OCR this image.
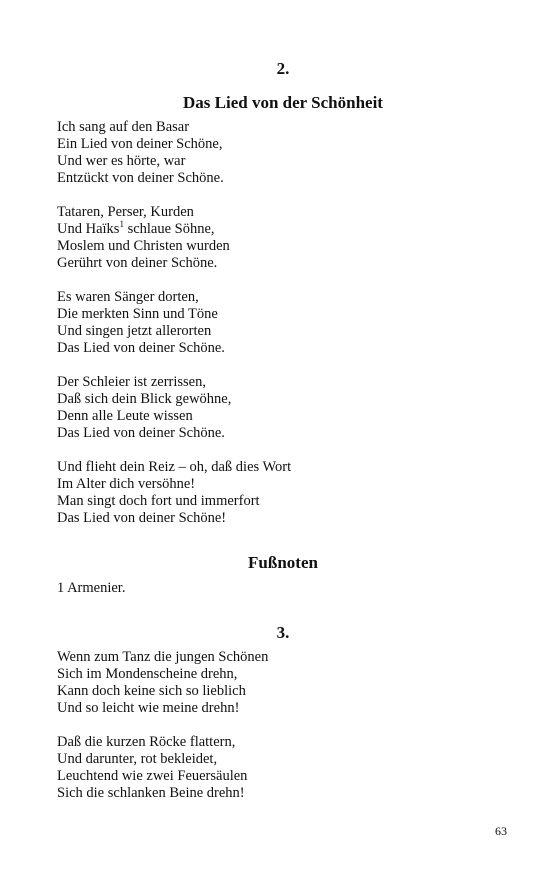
2.
Das Lied von der Schönheit
Ich sang auf den Basar
Ein Lied von deiner Schöne,
Und wer es hörte, war
Entzückt von deiner Schöne.
Tataren, Perser, Kurden
Und Haïks$^1$ schlaue Söhne,
Moslem und Christen wurden
Gerührt von deiner Schöne.
Es waren Sänger dorten,
Die merkten Sinn und Töne
Und singen jetzt allerorten
Das Lied von deiner Schöne.
Der Schleier ist zerrissen,
Daß sich dein Blick gewöhne,
Denn alle Leute wissen
Das Lied von deiner Schöne.
Und flieht dein Reiz – oh, daß dies Wort
Im Alter dich versöhne!
Man singt doch fort und immerfort
Das Lied von deiner Schöne!
Fußnoten

1 Armenier.

3.
Wenn zum Tanz die jungen Schönen
Sich im Mondenscheine drehn,
Kann doch keine sich so lieblich
Und so leicht wie meine drehn!
Daß die kurzen Röcke flattern,
Und darunter, rot bekleidet,
Leuchtend wie zwei Feuersäulen
Sich die schlanken Beine drehn!
63
